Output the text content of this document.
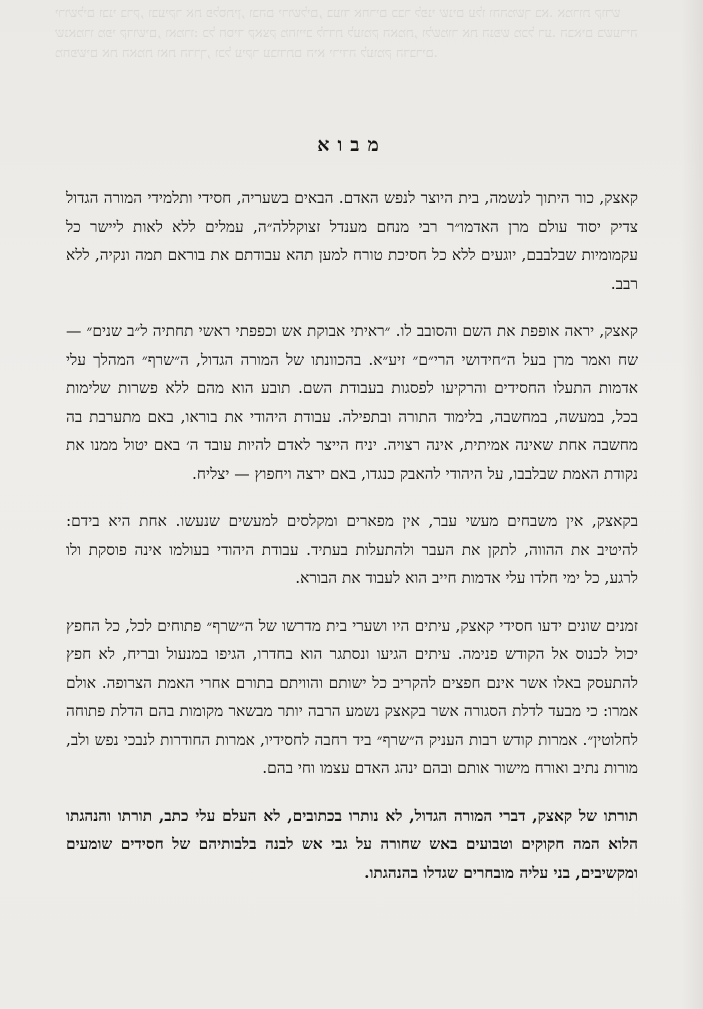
ירושלים ובני ברק, ובעיקר את פלסתין, ובהם ירושלים, בעוד אחרים כבר לפני שנים עלו וההמשך בא. אמרות קודש שנאמרו מפי קדושים, ואמרו: כל חסיד קאצק מחוייב לרדת לעומק האמת, ולשמור את הנפש מכל רע. הבאים בשעריה מחפשים את האמת ואת הדרך, וכל עיקר עבודתם היא ירידה לעומק הדברים.
מבוא

קאצק, כור היתוך לנשמה, בית היוצר לנפש האדם. הבאים בשעריה, חסידי ותלמידי המורה הגדול צדיק יסוד עולם מרן האדמו״ר רבי מנחם מענדל זצוקללה״ה, עמלים ללא לאות ליישר כל עקמומיות שבלבבם, יוגעים ללא כל חסיכת טורח למען תהא עבודתם את בוראם תמה ונקיה, ללא רבב.

קאצק, יראה אופפת את השם והסובב לו. ״ראיתי אבוקת אש וכפפתי ראשי תחתיה ל״ב שנים״ — שח ואמר מרן בעל ה״חידושי הרי״ם״ זיע״א. בהכוונתו של המורה הגדול, ה״שרף״ המהלך עלי אדמות התעלו החסידים והרקיעו לפסגות בעבודת השם. תובע הוא מהם ללא פשרות שלימות בכל, במעשה, במחשבה, בלימוד התורה ובתפילה. עבודת היהודי את בוראו, באם מתערבת בה מחשבה אחת שאינה אמיתית, אינה רצויה. יניח הייצר לאדם להיות עובד ה׳ באם יטול ממנו את נקודת האמת שבלבבו, על היהודי להאבק כנגדו, באם ירצה ויחפוץ — יצליח.

בקאצק, אין משבחים מעשי עבר, אין מפארים ומקלסים למעשים שנעשו. אחת היא בידם: להיטיב את ההווה, לתקן את העבר ולהתעלות בעתיד. עבודת היהודי בעולמו אינה פוסקת ולו לרגע, כל ימי חלדו עלי אדמות חייב הוא לעבוד את הבורא.

זמנים שונים ידעו חסידי קאצק, עיתים היו ושערי בית מדרשו של ה״שרף״ פתוחים לכל, כל החפץ יכול לכנוס אל הקודש פנימה. עיתים הגיעו ונסתגר הוא בחדרו, הגיפו במנעול ובריח, לא חפץ להתעסק באלו אשר אינם חפצים להקריב כל ישותם והוויתם בתורם אחרי האמת הצרופה. אולם אמרו: כי מבעד לדלת הסגורה אשר בקאצק נשמע הרבה יותר מבשאר מקומות בהם הדלת פתוחה לחלוטין״. אמרות קודש רבות העניק ה״שרף״ ביד רחבה לחסידיו, אמרות החודרות לנבכי נפש ולב, מורות נתיב ואורח מישור אותם ובהם ינהג האדם עצמו וחי בהם.

תורתו של קאצק, דברי המורה הגדול, לא נותרו בכתובים, לא העלם עלי כתב, תורתו והנהגתו הלוא המה חקוקים וטבועים באש שחורה על גבי אש לבנה בלבותיהם של חסידים שומעים ומקשיבים, בני עליה מובחרים שגדלו בהנהגתו.
